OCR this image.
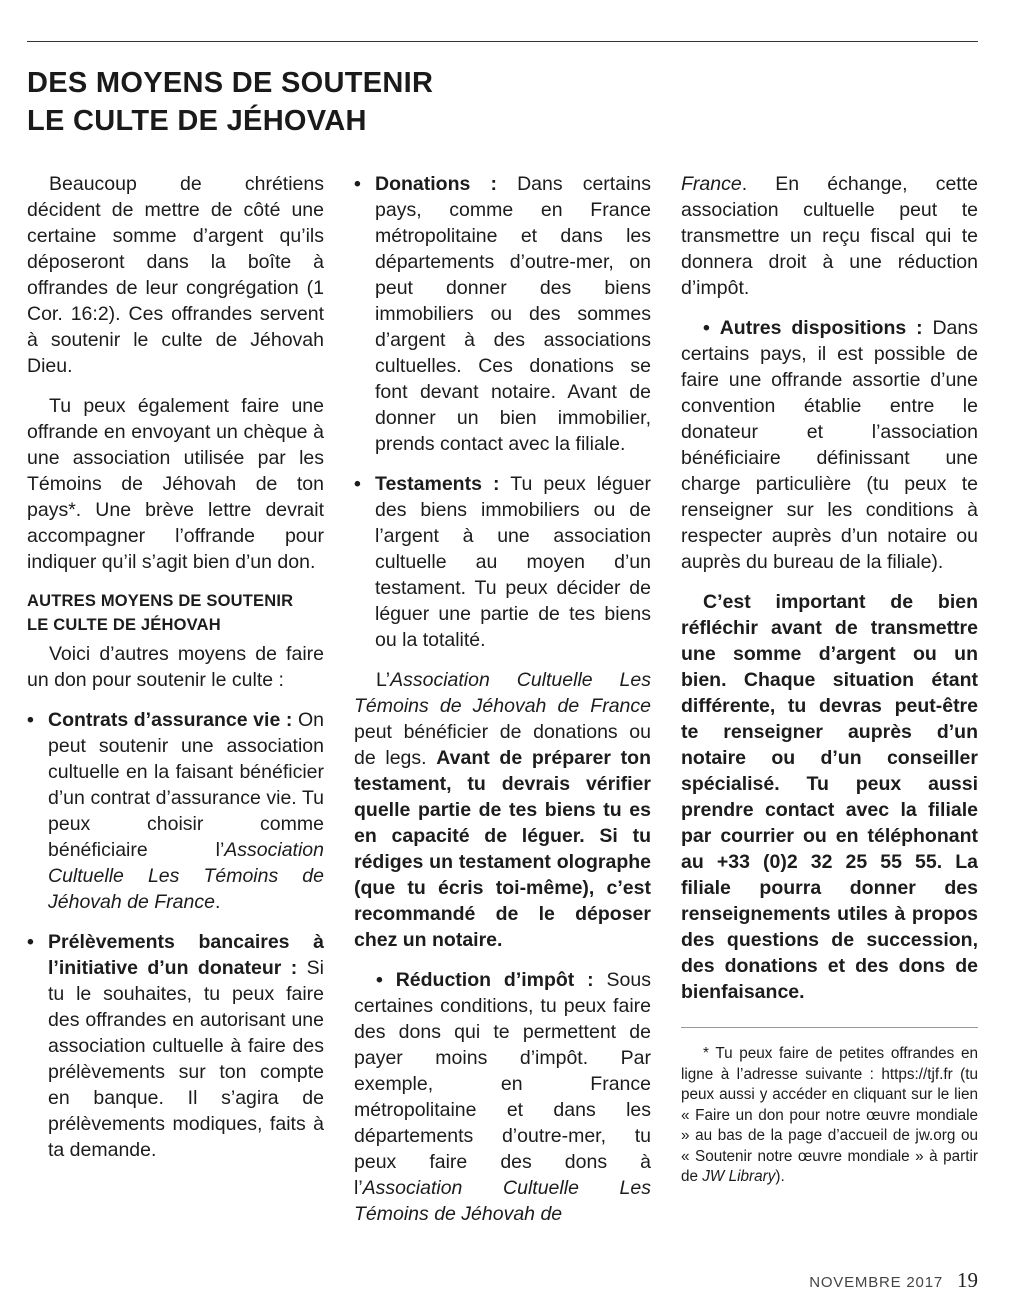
DES MOYENS DE SOUTENIR
LE CULTE DE JÉHOVAH

Beaucoup de chrétiens décident de mettre de côté une certaine somme d’argent qu’ils déposeront dans la boîte à offrandes de leur congrégation (1 Cor. 16:2). Ces offrandes servent à soutenir le culte de Jéhovah Dieu.

Tu peux également faire une offrande en envoyant un chèque à une association utilisée par les Témoins de Jéhovah de ton pays*. Une brève lettre devrait accompagner l’offrande pour indiquer qu’il s’agit bien d’un don.

AUTRES MOYENS DE SOUTENIR
LE CULTE DE JÉHOVAH

Voici d’autres moyens de faire un don pour soutenir le culte :

• Contrats d’assurance vie : On peut soutenir une association cultuelle en la faisant bénéficier d’un contrat d’assurance vie. Tu peux choisir comme bénéficiaire l’Association Cultuelle Les Témoins de Jéhovah de France.
• Prélèvements bancaires à l’initiative d’un donateur : Si tu le souhaites, tu peux faire des offrandes en autorisant une association cultuelle à faire des prélèvements sur ton compte en banque. Il s’agira de prélèvements modiques, faits à ta demande.
• Donations : Dans certains pays, comme en France métropolitaine et dans les départements d’outre-mer, on peut donner des biens immobiliers ou des sommes d’argent à des associations cultuelles. Ces donations se font devant notaire. Avant de donner un bien immobilier, prends contact avec la filiale.
• Testaments : Tu peux léguer des biens immobiliers ou de l’argent à une association cultuelle au moyen d’un testament. Tu peux décider de léguer une partie de tes biens ou la totalité.

L’Association Cultuelle Les Témoins de Jéhovah de France peut bénéficier de donations ou de legs. Avant de préparer ton testament, tu devrais vérifier quelle partie de tes biens tu es en capacité de léguer. Si tu rédiges un testament olographe (que tu écris toi-même), c’est recommandé de le déposer chez un notaire.

• Réduction d’impôt : Sous certaines conditions, tu peux faire des dons qui te permettent de payer moins d’impôt. Par exemple, en France métropolitaine et dans les départements d’outre-mer, tu peux faire des dons à l’Association Cultuelle Les Témoins de Jéhovah de

France. En échange, cette association cultuelle peut te transmettre un reçu fiscal qui te donnera droit à une réduction d’impôt.

• Autres dispositions : Dans certains pays, il est possible de faire une offrande assortie d’une convention établie entre le donateur et l’association bénéficiaire définissant une charge particulière (tu peux te renseigner sur les conditions à respecter auprès d’un notaire ou auprès du bureau de la filiale).

C’est important de bien réfléchir avant de transmettre une somme d’argent ou un bien. Chaque situation étant différente, tu devras peut-être te renseigner auprès d’un notaire ou d’un conseiller spécialisé. Tu peux aussi prendre contact avec la filiale par courrier ou en téléphonant au +33 (0)2 32 25 55 55. La filiale pourra donner des renseignements utiles à propos des questions de succession, des donations et des dons de bienfaisance.

* Tu peux faire de petites offrandes en ligne à l’adresse suivante : https://tjf.fr (tu peux aussi y accéder en cliquant sur le lien « Faire un don pour notre œuvre mondiale » au bas de la page d’accueil de jw.org ou « Soutenir notre œuvre mondiale » à partir de JW Library).

NOVEMBRE 2017 19
